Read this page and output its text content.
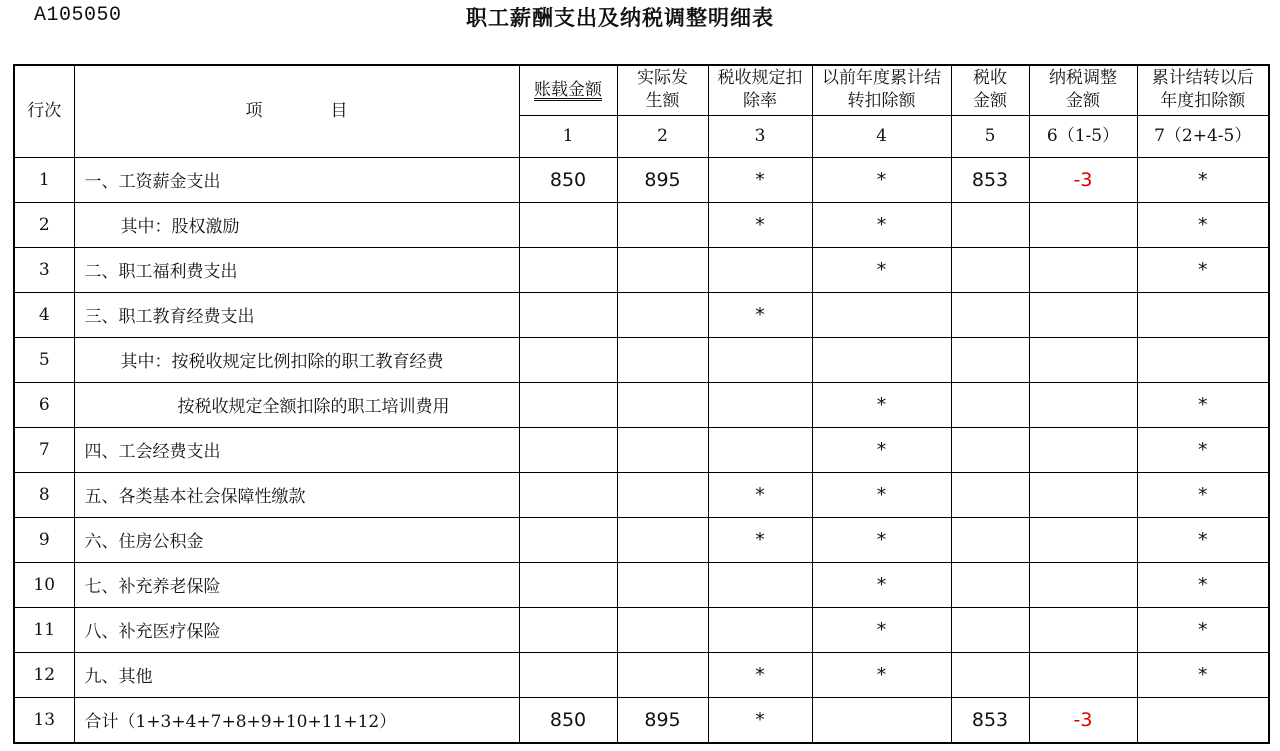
A105050	职工薪酬支出及纳税调整明细表
行次	项　　　　目	账载金额	实际发生额	税收规定扣除率	以前年度累计结转扣除额	税收金额	纳税调整金额	累计结转以后年度扣除额
		1	2	3	4	5	6（1-5）	7（2+4-5）
1	一、工资薪金支出	850	895	*	*	853	-3	*
2	其中：股权激励			*	*			*
3	二、职工福利费支出				*			*
4	三、职工教育经费支出			*				
5	其中：按税收规定比例扣除的职工教育经费							
6	按税收规定全额扣除的职工培训费用				*			*
7	四、工会经费支出				*			*
8	五、各类基本社会保障性缴款			*	*			*
9	六、住房公积金			*	*			*
10	七、补充养老保险				*			*
11	八、补充医疗保险				*			*
12	九、其他			*	*			*
13	合计（1+3+4+7+8+9+10+11+12）	850	895	*		853	-3	
